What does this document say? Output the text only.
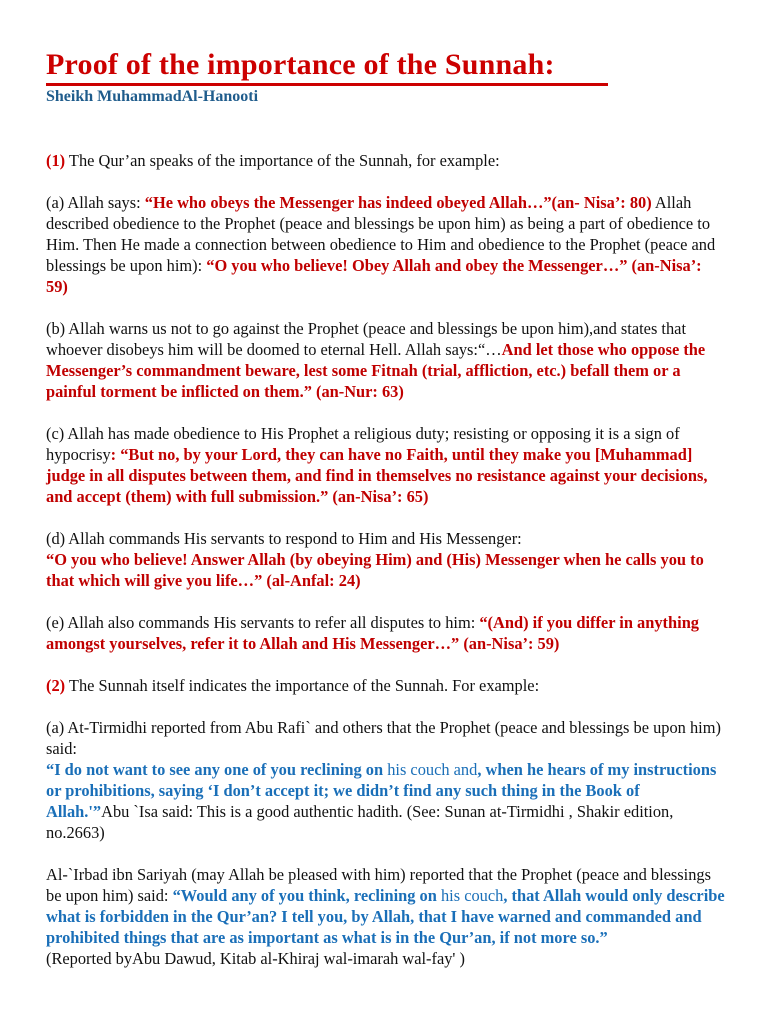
Proof of the importance of the Sunnah:
Sheikh MuhammadAl-Hanooti

(1) The Qur’an speaks of the importance of the Sunnah, for example:

(a) Allah says: “He who obeys the Messenger has indeed obeyed Allah…”(an- Nisa’: 80) Allah described obedience to the Prophet (peace and blessings be upon him) as being a part of obedience to Him. Then He made a connection between obedience to Him and obedience to the Prophet (peace and blessings be upon him): “O you who believe! Obey Allah and obey the Messenger…” (an-Nisa’: 59)

(b) Allah warns us not to go against the Prophet (peace and blessings be upon him),and states that whoever disobeys him will be doomed to eternal Hell. Allah says:“…And let those who oppose the Messenger’s commandment beware, lest some Fitnah (trial, affliction, etc.) befall them or a painful torment be inflicted on them.” (an-Nur: 63)

(c) Allah has made obedience to His Prophet a religious duty; resisting or opposing it is a sign of hypocrisy: “But no, by your Lord, they can have no Faith, until they make you [Muhammad] judge in all disputes between them, and find in themselves no resistance against your decisions, and accept (them) with full submission.” (an-Nisa’: 65)

(d) Allah commands His servants to respond to Him and His Messenger:
“O you who believe! Answer Allah (by obeying Him) and (His) Messenger when he calls you to that which will give you life…” (al-Anfal: 24)

(e) Allah also commands His servants to refer all disputes to him: “(And) if you differ in anything amongst yourselves, refer it to Allah and His Messenger…” (an-Nisa’: 59)

(2) The Sunnah itself indicates the importance of the Sunnah. For example:

(a) At-Tirmidhi reported from Abu Rafi` and others that the Prophet (peace and blessings be upon him) said:
“I do not want to see any one of you reclining on his couch and, when he hears of my instructions or prohibitions, saying ‘I don’t accept it; we didn’t find any such thing in the Book of Allah.'”Abu `Isa said: This is a good authentic hadith. (See: Sunan at-Tirmidhi , Shakir edition, no.2663)

Al-`Irbad ibn Sariyah (may Allah be pleased with him) reported that the Prophet (peace and blessings be upon him) said: “Would any of you think, reclining on his couch, that Allah would only describe what is forbidden in the Qur’an? I tell you, by Allah, that I have warned and commanded and prohibited things that are as important as what is in the Qur’an, if not more so.”
(Reported byAbu Dawud, Kitab al-Khiraj wal-imarah wal-fay' )
